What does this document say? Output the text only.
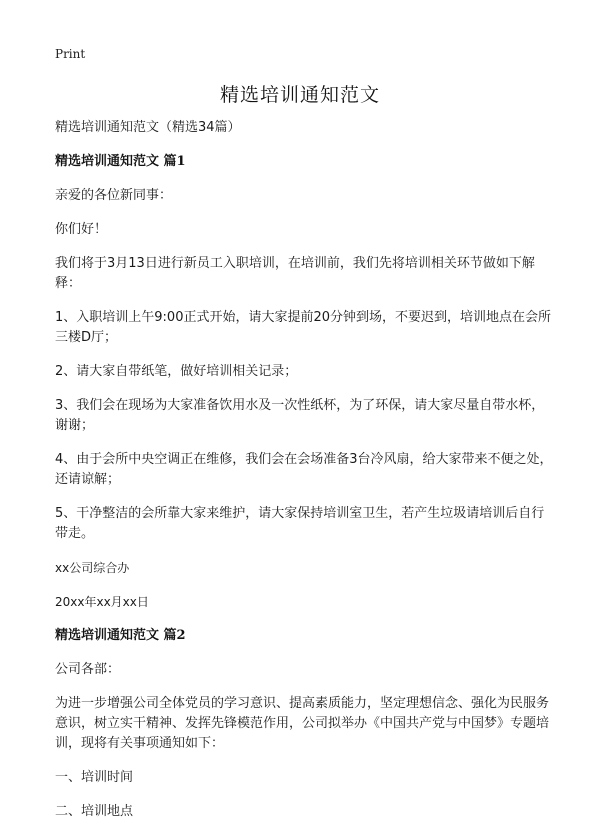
Print
精选培训通知范文

精选培训通知范文（精选34篇）

精选培训通知范文 篇1

亲爱的各位新同事：

你们好！

我们将于3月13日进行新员工入职培训，在培训前，我们先将培训相关环节做如下解释：

1、入职培训上午9:00正式开始，请大家提前20分钟到场，不要迟到，培训地点在会所三楼D厅；

2、请大家自带纸笔，做好培训相关记录；

3、我们会在现场为大家准备饮用水及一次性纸杯，为了环保，请大家尽量自带水杯，谢谢；

4、由于会所中央空调正在维修，我们会在会场准备3台冷风扇，给大家带来不便之处，还请谅解；

5、干净整洁的会所靠大家来维护，请大家保持培训室卫生，若产生垃圾请培训后自行带走。

xx公司综合办

20xx年xx月xx日

精选培训通知范文 篇2

公司各部：

为进一步增强公司全体党员的学习意识、提高素质能力，坚定理想信念、强化为民服务意识，树立实干精神、发挥先锋模范作用，公司拟举办《中国共产党与中国梦》专题培训，现将有关事项通知如下：

一、培训时间

二、培训地点
